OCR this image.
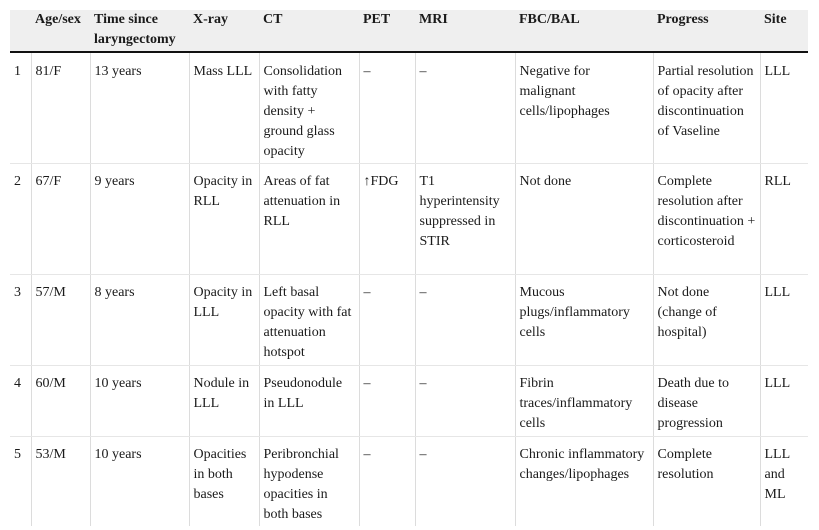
	Age/sex	Time since laryngectomy	X-ray	CT	PET	MRI	FBC/BAL	Progress	Site
1	81/F	13 years	Mass LLL	Consolidation with fatty density + ground glass opacity	–	–	Negative for malignant cells/lipophages	Partial resolution of opacity after discontinuation of Vaseline	LLL
2	67/F	9 years	Opacity in RLL	Areas of fat attenuation in RLL	↑FDG	T1 hyperintensity suppressed in STIR	Not done	Complete resolution after discontinuation + corticosteroid	RLL
3	57/M	8 years	Opacity in LLL	Left basal opacity with fat attenuation hotspot	–	–	Mucous plugs/inflammatory cells	Not done (change of hospital)	LLL
4	60/M	10 years	Nodule in LLL	Pseudonodule in LLL	–	–	Fibrin traces/inflammatory cells	Death due to disease progression	LLL
5	53/M	10 years	Opacities in both bases	Peribronchial hypodense opacities in both bases	–	–	Chronic inflammatory changes/lipophages	Complete resolution	LLL and ML
